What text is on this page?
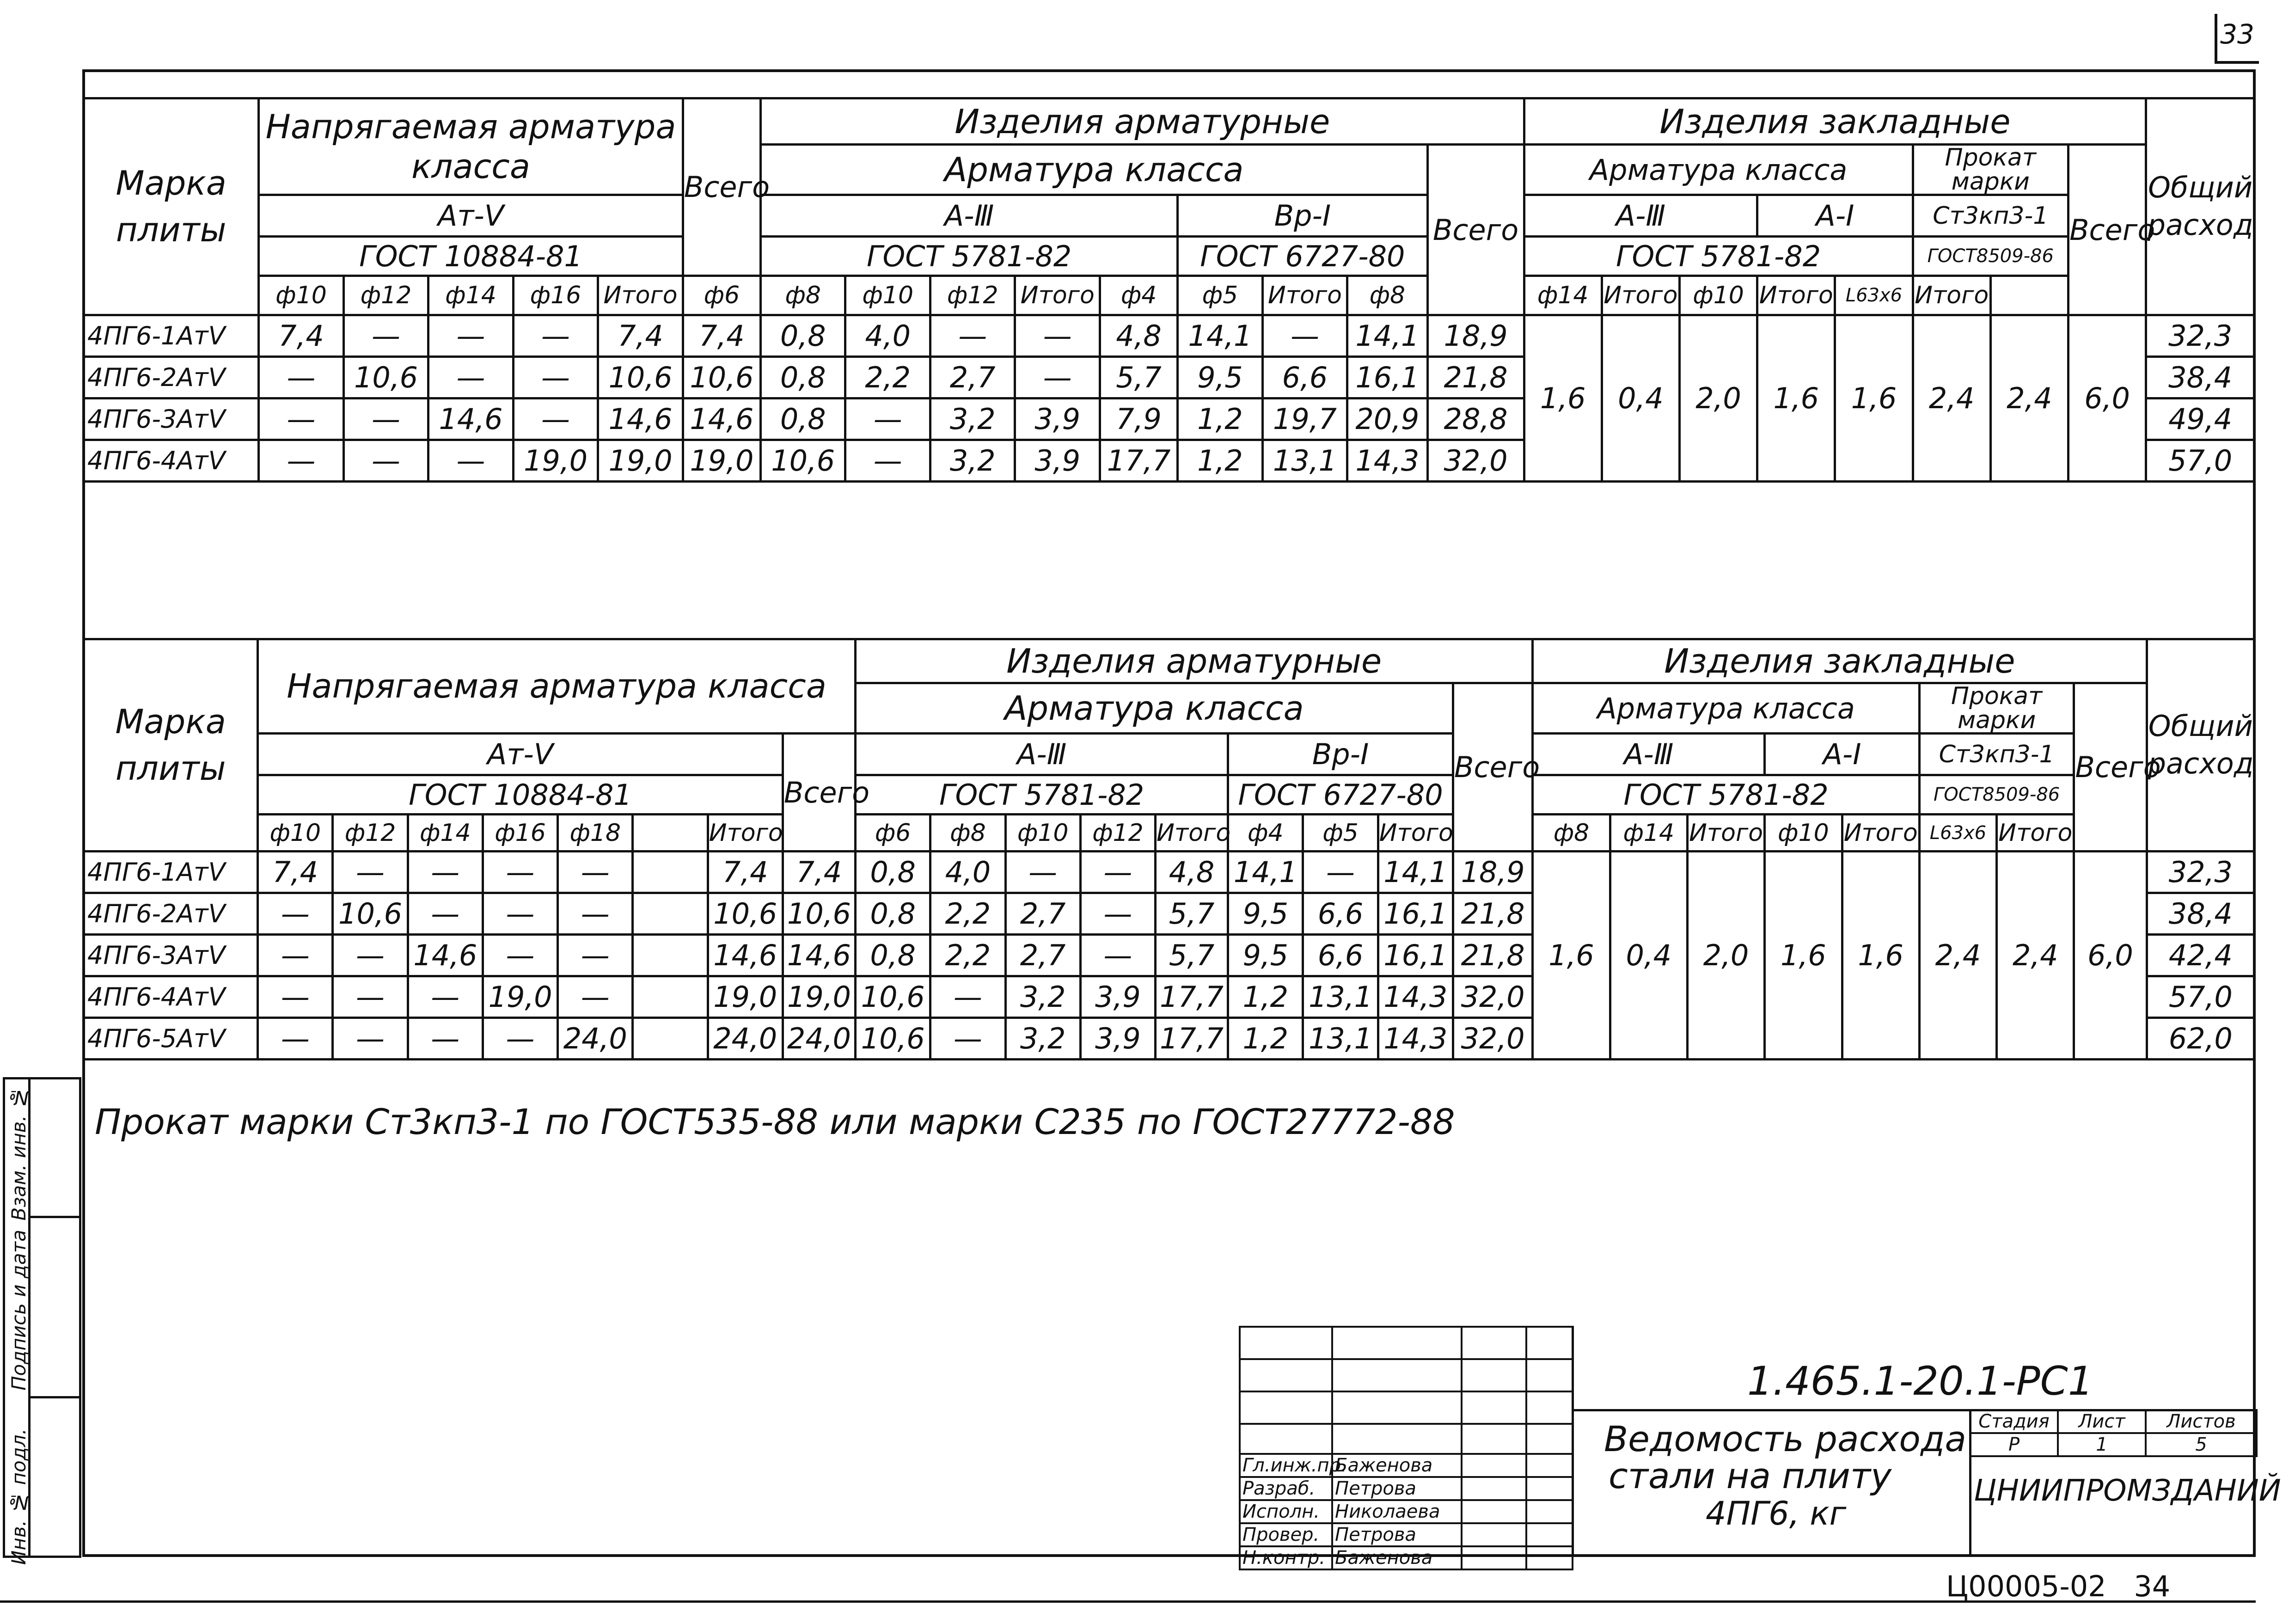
33
Марка плиты	Напрягаемая арматура класса					Всего	Изделия арматурные									Изделия закладные								Общий расход
							Арматура класса								Всего	Арматура класса					Прокат марки		Всего	
	Ат-Ⅴ						А-Ⅲ					Вр-Ⅰ				А-Ⅲ			А-Ⅰ		Ст3кп3-1			
	ГОСТ 10884-81						ГОСТ 5781-82					ГОСТ 6727-80				ГОСТ 5781-82					ГОСТ8509-86			
	ф10	ф12	ф14	ф16	Итого	ф6	ф8	ф10	ф12	Итого	ф4	ф5	Итого	ф8		ф14	Итого	ф10	Итого	L63x6	Итого			
4ПГ6-1АтⅤ	7,4	—	—	—	7,4	7,4	0,8	4,0	—	—	4,8	14,1	—	14,1	18,9	1,6	0,4	2,0	1,6	1,6	2,4	2,4	6,0	32,3
4ПГ6-2АтⅤ	—	10,6	—	—	10,6	10,6	0,8	2,2	2,7	—	5,7	9,5	6,6	16,1	21,8									38,4
4ПГ6-3АтⅤ	—	—	14,6	—	14,6	14,6	0,8	—	3,2	3,9	7,9	1,2	19,7	20,9	28,8									49,4
4ПГ6-4АтⅤ	—	—	—	19,0	19,0	19,0	10,6	—	3,2	3,9	17,7	1,2	13,1	14,3	32,0									57,0

Марка плиты	Напрягаемая арматура класса								Изделия арматурные									Изделия закладные								Общий расход
									Арматура класса								Всего	Арматура класса					Прокат марки		Всего	
	Ат-Ⅴ							Всего	А-Ⅲ					Вр-Ⅰ				А-Ⅲ			А-Ⅰ		Ст3кп3-1			
	ГОСТ 10884-81								ГОСТ 5781-82					ГОСТ 6727-80				ГОСТ 5781-82					ГОСТ8509-86			
	ф10	ф12	ф14	ф16	ф18		Итого		ф6	ф8	ф10	ф12	Итого	ф4	ф5	Итого		ф8	ф14	Итого	ф10	Итого	L63x6	Итого		
4ПГ6-1АтⅤ	7,4	—	—	—	—		7,4	7,4	0,8	4,0	—	—	4,8	14,1	—	14,1	18,9	1,6	0,4	2,0	1,6	1,6	2,4	2,4	6,0	32,3
4ПГ6-2АтⅤ	—	10,6	—	—	—		10,6	10,6	0,8	2,2	2,7	—	5,7	9,5	6,6	16,1	21,8									38,4
4ПГ6-3АтⅤ	—	—	14,6	—	—		14,6	14,6	0,8	2,2	2,7	—	5,7	9,5	6,6	16,1	21,8									42,4
4ПГ6-4АтⅤ	—	—	—	19,0	—		19,0	19,0	10,6	—	3,2	3,9	17,7	1,2	13,1	14,3	32,0									57,0
4ПГ6-5АтⅤ	—	—	—	—	24,0		24,0	24,0	10,6	—	3,2	3,9	17,7	1,2	13,1	14,3	32,0									62,0
Прокат марки Ст3кп3-1 по ГОСТ535-88 или марки С235 по ГОСТ27772-88
Инв. № подл.
Подпись и дата
Взам. инв. №

Гл.инж.пр.	Баженова		
Разраб.	Петрова		
Исполн.	Николаева		
Провер.	Петрова		
Н.контр.	Баженова		
1.465.1-20.1-РС1
Ведомость расхода
стали на плиту
4ПГ6, кг
Стадия	Лист	Листов
Р	1	5
ЦНИИПРОМЗДАНИЙ
Ц00005-02 34
